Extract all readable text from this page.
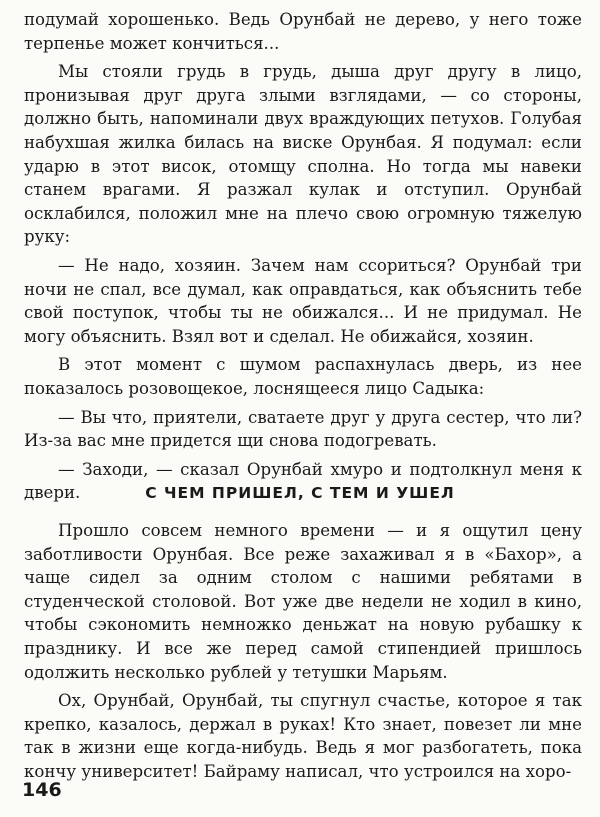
подумай хорошенько. Ведь Орунбай не дерево, у него тоже терпенье может кончиться...

Мы стояли грудь в грудь, дыша друг другу в лицо, пронизывая друг друга злыми взглядами, — со стороны, должно быть, напоминали двух враждующих петухов. Голубая набухшая жилка билась на виске Орунбая. Я подумал: если ударю в этот висок, отомщу сполна. Но тогда мы навеки станем врагами. Я разжал кулак и отступил. Орунбай осклабился, положил мне на плечо свою огромную тяжелую руку:

— Не надо, хозяин. Зачем нам ссориться? Орунбай три ночи не спал, все думал, как оправдаться, как объяснить тебе свой поступок, чтобы ты не обижался... И не придумал. Не могу объяснить. Взял вот и сделал. Не обижайся, хозяин.

В этот момент с шумом распахнулась дверь, из нее показалось розовощекое, лоснящееся лицо Садыка:

— Вы что, приятели, сватаете друг у друга сестер, что ли? Из-за вас мне придется щи снова подогревать.

— Заходи, — сказал Орунбай хмуро и подтолкнул меня к двери.	С ЧЕМ ПРИШЕЛ, С ТЕМ И УШЕЛ

Прошло совсем немного времени — и я ощутил цену заботливости Орунбая. Все реже захаживал я в «Бахор», а чаще сидел за одним столом с нашими ребятами в студенческой столовой. Вот уже две недели не ходил в кино, чтобы сэкономить немножко деньжат на новую рубашку к празднику. И все же перед самой стипендией пришлось одолжить несколько рублей у тетушки Марьям.

Ох, Орунбай, Орунбай, ты спугнул счастье, которое я так крепко, казалось, держал в руках! Кто знает, повезет ли мне так в жизни еще когда-нибудь. Ведь я мог разбогатеть, пока кончу университет! Байраму написал, что устроился на хоро-

146
